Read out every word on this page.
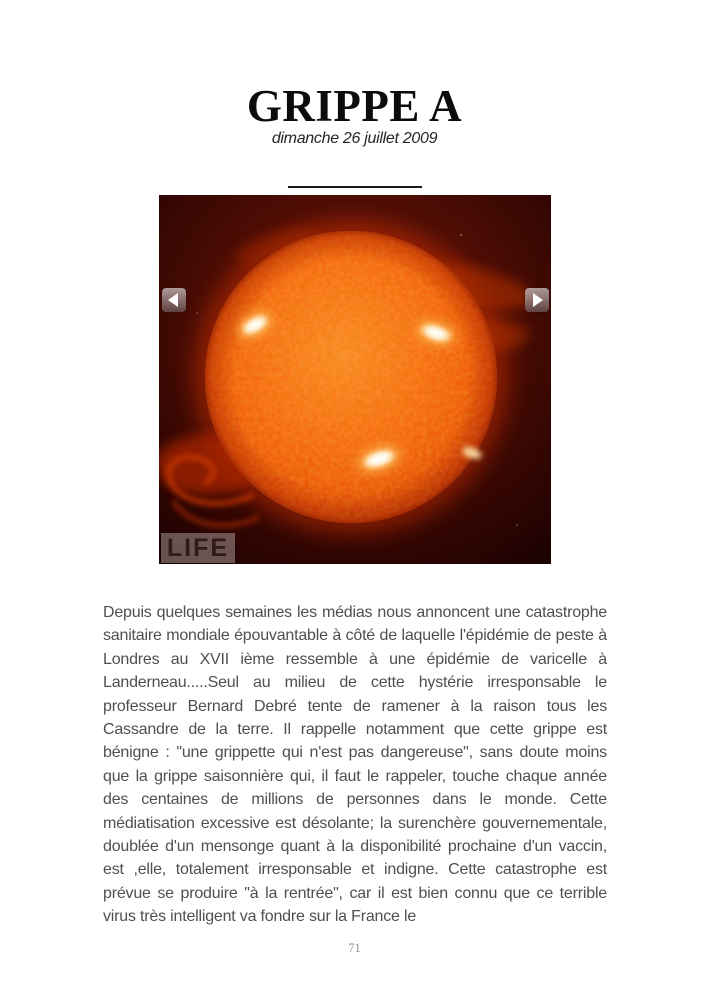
GRIPPE A
dimanche 26 juillet 2009
LIFE
Depuis quelques semaines les médias nous annoncent une catastrophe sanitaire mondiale épouvantable à côté de laquelle l'épidémie de peste à Londres au XVII ième ressemble à une épidémie de varicelle à Landerneau.....Seul au milieu de cette hystérie irresponsable le professeur Bernard Debré tente de ramener à la raison tous les Cassandre de la terre. Il rappelle notamment que cette grippe est bénigne : "une grippette qui n'est pas dangereuse", sans doute moins que la grippe saisonnière qui, il faut le rappeler, touche chaque année des centaines de millions de personnes dans le monde. Cette médiatisation excessive est désolante; la surenchère gouvernementale, doublée d'un mensonge quant à la disponibilité prochaine d'un vaccin, est ,elle, totalement irresponsable et indigne. Cette catastrophe est prévue se produire "à la rentrée", car il est bien connu que ce terrible virus très intelligent va fondre sur la France le
71
